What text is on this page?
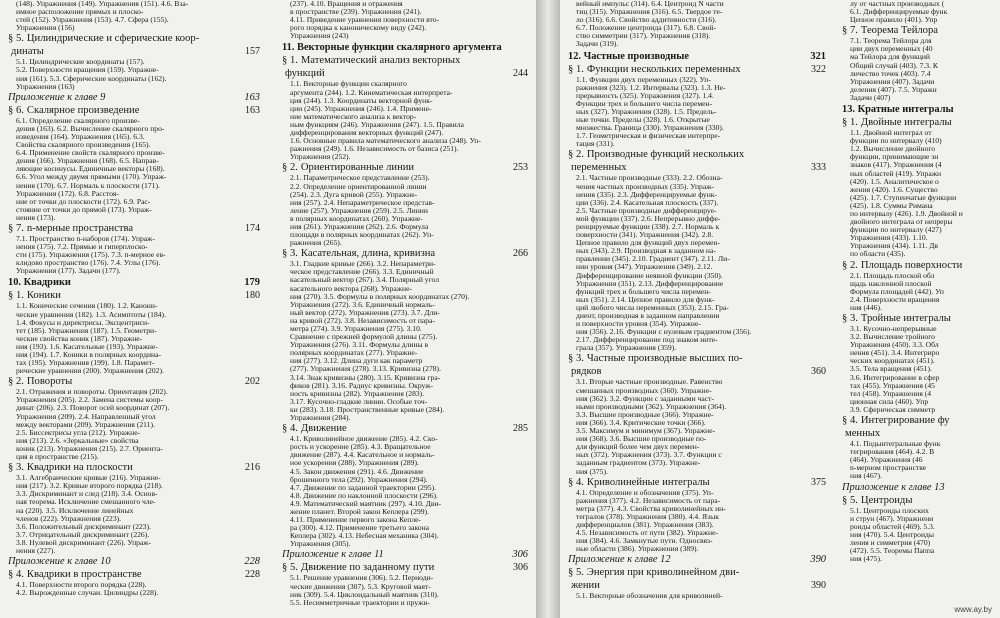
(148). Упражнения (149). Упражнения (151). 4.6. Вза-

имное расположение прямых и плоско-

стей (152). Упражнения (153). 4.7. Сфера (155).

Упражнения (156)

§ 5. Цилиндрические и сферические коор-
динаты	157

5.1. Цилиндрические координаты (157).

5.2. Поверхности вращения (159). Упражне-

ния (161). 5.3. Сферические координаты (162).

Упражнения (163)

Приложение к главе 9	163
§ 6. Скалярное произведение	163

6.1. Определение скалярного произве-

дения (163). 6.2. Вычисление скалярного про-

изведения (164). Упражнения (165). 6.3.

Свойства скалярного произведения (165).

6.4. Применение свойств скалярного произве-

дения (166). Упражнения (168). 6.5. Направ-

ляющие косинусы. Единичные векторы (168).

6.6. Угол между двумя прямыми (170). Упраж-

нения (170). 6.7. Нормаль к плоскости (171).

Упражнения (172). 6.8. Расстоя-

ние от точки до плоскости (172). 6.9. Рас-

стояние от точки до прямой (173). Упраж-

нения (173).

§ 7. n-мерные пространства	174

7.1. Пространство n-наборов (174). Упраж-

нения (175). 7.2. Прямые и гиперплоско-

сти (175). Упражнения (175). 7.3. n-мерное ев-

клидово пространство (176). 7.4. Углы (176).

Упражнения (177). Задачи (177).

10. Квадрики	179
§ 1. Коники	180

1.1. Конические сечения (180). 1.2. Канони-

ческие уравнения (182). 1.3. Асимптоты (184).

1.4. Фокусы и директрисы. Эксцентриси-

тет (185). Упражнения (187). 1.5. Геометри-

ческие свойства коник (187). Упражне-

ния (193). 1.6. Касательные (193). Упражне-

ния (194). 1.7. Коники в полярных координа-

тах (195). Упражнения (199). 1.8. Парамет-

рические уравнения (200). Упражнения (202).

§ 2. Повороты	202

2.1. Отражения и повороты. Ориентация (202).

Упражнения (205). 2.2. Замена системы коор-

динат (206). 2.3. Поворот осей координат (207).

Упражнения (209). 2.4. Направленный угол

между векторами (209). Упражнения (211).

2.5. Биссектрисы угла (212). Упражне-

ния (213). 2.6. «Зеркальные» свойства

коник (213). Упражнения (215). 2.7. Ориента-

ция в пространстве (215).

§ 3. Квадрики на плоскости	216

3.1. Алгебраические кривые (216). Упражне-

ния (217). 3.2. Кривые второго порядка (218).

3.3. Дискриминант и след (218). 3.4. Основ-

ная теорема. Исключение смешанного чле-

на (220). 3.5. Исключение линейных

членов (222). Упражнения (223).

3.6. Положительный дискриминант (223).

3.7. Отрицательный дискриминант (226).

3.8. Нулевой дискриминант (226). Упраж-

нения (227).

Приложение к главе 10	228
§ 4. Квадрики в пространстве	228

4.1. Поверхности второго порядка (228).

4.2. Вырожденные случаи. Цилиндры (228).

(237). 4.10. Вращения и отражения

в пространстве (239). Упражнения (241).

4.11. Приведение уравнения поверхности вто-

рого порядка к каноническому виду (242).

Упражнения (243)

11. Векторные функции скалярного аргумента
§ 1. Математический анализ векторных
функций	244

1.1. Векторные функции скалярного

аргумента (244). 1.2. Кинематическая интерпрета-

ция (244). 1.3. Координаты векторной функ-

ции (245). Упражнения (246). 1.4. Примене-

ние математического анализа к вектор-

ным функциям (246). Упражнения (247). 1.5. Правила

дифференцирования векторных функций (247).

1.6. Основные правила математического анализа (248). Уп-

ражнения (249). 1.6. Независимость от базиса (251).

Упражнения (252).

§ 2. Ориентированные линии	253

2.1. Параметрическое представление (253).

2.2. Определение ориентированной линии

(254). 2.3. Дуга кривой (255). Упражне-

ния (257). 2.4. Непараметрическое представ-

ление (257). Упражнения (259). 2.5. Линии

в полярных координатах (260). Упражне-

ния (261). Упражнения (262). 2.6. Формула

площади в полярных координатах (262). Уп-

ражнения (265).

§ 3. Касательная, длина, кривизна	266

3.1. Гладкие кривые (266). 3.2. Непараметри-

ческое представление (266). 3.3. Единичный

касательный вектор (267). 3.4. Полярный угол

касательного вектора (268). Упражне-

ния (270). 3.5. Формулы в полярных координатах (270).

Упражнения (272). 3.6. Единичный нормаль-

ный вектор (272). Упражнения (273). 3.7. Дли-

на кривой (272). 3.8. Независимость от пара-

метра (274). 3.9. Упражнения (275). 3.10.

Сравнение с прежней формулой длины (275).

Упражнения (276). 3.11. Формулы длины в

полярных координатах (277). Упражне-

ния (277). 3.12. Длина дуги как параметр

(277). Упражнения (278). 3.13. Кривизна (278).

3.14. Знак кривизны (280). 3.15. Кривизна гра-

фиков (281). 3.16. Радиус кривизны. Окруж-

ность кривизны (282). Упражнения (283).

3.17. Кусочно-гладкие линии. Особые точ-

ки (283). 3.18. Пространственные кривые (284).

Упражнения (284).

§ 4. Движение	285

4.1. Криволинейное движение (285). 4.2. Ско-

рость и ускорение (285). 4.3. Вращательное

движение (287). 4.4. Касательное и нормаль-

ное ускорения (288). Упражнения (289).

4.5. Закон движения (291). 4.6. Движение

брошенного тела (292). Упражнения (294).

4.7. Движение по заданной траектории (295).

4.8. Движение по наклонной плоскости (296).

4.9. Математический маятник (297). 4.10. Дви-

жение планет. Второй закон Кеплера (299).

4.11. Применение первого закона Кепле-

ра (300). 4.12. Применение третьего закона

Кеплера (302). 4.13. Небесная механика (304).

Упражнения (305).

Приложение к главе 11	306
§ 5. Движение по заданному пути	306

5.1. Решение уравнения (306). 5.2. Периоди-

ческие движения (307). 5.3. Круговой маят-

ник (309). 5.4. Циклоидальный маятник (310).

5.5. Несимметричные траектории и пружи-

вейный импульс (314). 6.4. Центроид N части

тиц (315). Упражнения (316). 6.5. Твердое те-

ло (316). 6.6. Свойство аддитивности (316).

6.7. Положение центроида (317). 6.8. Свой-

ство симметрии (317). Упражнения (318).

Задачи (319).

12. Частные производные	321
§ 1. Функции нескольких переменных	322

1.1. Функции двух переменных (322). Уп-

ражнения (323). 1.2. Интервалы (323). 1.3. Не-

прерывность (325). Упражнения (327). 1.4.

Функции трех и большего числа перемен-

ных (327). Упражнения (328). 1.5. Предель-

ные точки. Пределы (328). 1.6. Открытые

множества. Граница (330). Упражнения (330).

1.7. Геометрическая и физическая интерпре-

тация (331).

§ 2. Производные функций нескольких
переменных	333

2.1. Частные производные (333). 2.2. Обозна-

чения частных производных (335). Упраж-

нения (335). 2.3. Дифференцируемые функ-

ции (336). 2.4. Касательная плоскость (337).

2.5. Частные производные дифференцируе-

мой функции (337). 2.6. Непрерывно диффе-

ренцируемые функции (338). 2.7. Нормаль к

поверхности (341). Упражнения (342). 2.8.

Цепное правило для функций двух перемен-

ных (343). 2.9. Производная в заданном на-

правлении (345). 2.10. Градиент (347). 2.11. Ли-

нии уровня (347). Упражнения (349). 2.12.

Дифференцирование неявной функции (350).

Упражнения (351). 2.13. Дифференцирование

функций трех и большего числа перемен-

ных (351). 2.14. Цепное правило для функ-

ций любого числа переменных (353). 2.15. Гра-

диент, производная в заданном направлении

и поверхности уровня (354). Упражне-

ния (356). 2.16. Функции с нулевым градиентом (356).

2.17. Дифференцирование под знаком инте-

грала (357). Упражнения (359).

§ 3. Частные производные высших по-
рядков	360

3.1. Вторые частные производные. Равенство

смешанных производных (360). Упражне-

ния (362). 3.2. Функции с заданными част-

ными производными (362). Упражнения (364).

3.3. Высшие производные (366). Упражне-

ния (366). 3.4. Критические точки (366).

3.5. Максимум и минимум (367). Упражне-

ния (368). 3.6. Высшие производные по-

для функций более чем двух перемен-

ных (372). Упражнения (373). 3.7. Функции с

заданным градиентом (373). Упражне-

ния (375).

§ 4. Криволинейные интегралы	375

4.1. Определение и обозначения (375). Уп-

ражнения (377). 4.2. Независимость от пара-

метра (377). 4.3. Свойства криволинейных ин-

тегралов (378). Упражнения (380). 4.4. Язык

дифференциалов (381). Упражнения (383).

4.5. Независимость от пути (382). Упражне-

ния (384). 4.6. Замкнутые пути. Односвяз-

ные области (386). Упражнения (389).

Приложение к главе 12	390
§ 5. Энергия при криволинейном дви-
жении	390

5.1. Векторные обозначения для криволиней-

лу от частных производных (

6.1. Дифференцируемые функ

Цепное правило (401). Упр

§ 7. Теорема Тейлора

7.1. Теорема Тейлора для

ции двух переменных (40

ма Тейлора для функций

Общий случай (403). 7.3. К

личество точек (403). 7.4

Упражнения (407). Задачи

деления (407). 7.5. Упражн

Задачи (407)

13. Кратные интегралы
§ 1. Двойные интегралы

1.1. Двойной интеграл от

функции по интервалу (410)

1.2. Вычисление двойного

функции, принимающие зн

знаков (417). Упражнения (4

ных областей (419). Упражн

(420). 1.5. Аналитическое о

жения (420). 1.6. Существо

(425). 1.7. Ступенчатые функции

(425). 1.8. Суммы Римана

по интервалу (426). 1.9. Двойной и

двойного интеграла от непреры

функции по интервалу (427)

Упражнения (433). 1.10.

Упражнения (434). 1.11. Дв

по области (435).

§ 2. Площадь поверхности

2.1. Площадь плоской обл

щадь наклонной плоской

Формула площадей (442). Уп

2.4. Поверхности вращения

ния (446).

§ 3. Тройные интегралы

3.1. Кусочно-непрерывные

3.2. Вычисление тройного

Упражнения (450). 3.3. Обл

нения (451). 3.4. Интегриро

ческих координатах (451).

3.5. Тела вращения (451).

3.6. Интегрирование в сфер

тах (455). Упражнения (45

тел (458). Упражнения (4

ционная сила (460). Упр

3.9. Сферическая симметр

§ 4. Интегрирование фу
менных

4.1. Подынтегральные функ

тегрирования (464). 4.2. В

(464). Упражнения (46

n-мерном пространстве

ния (467).

Приложение к главе 13
§ 5. Центроиды

5.1. Центроиды плоских

и струн (467). Упражнени

роиды областей (469). 5.3.

ния (470). 5.4. Центроиды

ления и симметрия (470)

(472). 5.5. Теоремы Паппа

ния (475).

www.ay.by
